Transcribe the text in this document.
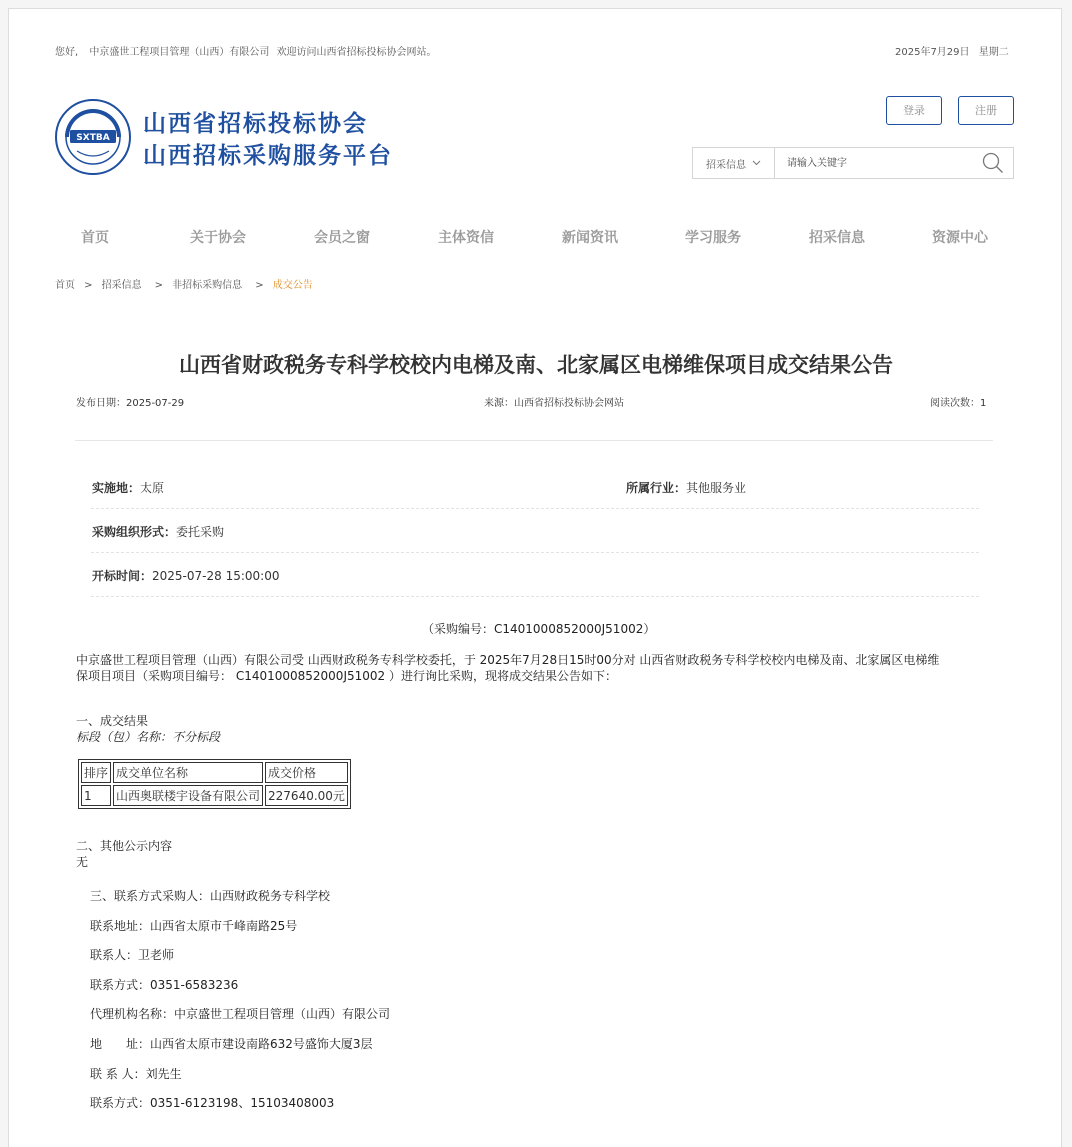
您好, 中京盛世工程项目管理（山西）有限公司 欢迎访问山西省招标投标协会网站。	2025年7月29日 星期二
SXTBA
山西省招标投标协会
山西招标采购服务平台
登录	注册
招采信息
请输入关键字
首页	关于协会	会员之窗	主体资信	新闻资讯	学习服务	招采信息	资源中心
首页 > 招采信息 > 非招标采购信息 > 成交公告
山西省财政税务专科学校校内电梯及南、北家属区电梯维保项目成交结果公告
发布日期：2025-07-29	来源：山西省招标投标协会网站	阅读次数：1
实施地：太原	所属行业：其他服务业
采购组织形式：委托采购
开标时间：2025-07-28 15:00:00
（采购编号：C1401000852000J51002）
中京盛世工程项目管理（山西）有限公司受 山西财政税务专科学校委托，于 2025年7月28日15时00分对 山西省财政税务专科学校校内电梯及南、北家属区电梯维
保项目项目（采购项目编号： C1401000852000J51002 ）进行询比采购，现将成交结果公告如下：
一、成交结果
标段（包）名称：不分标段
排序	成交单位名称	成交价格
1	山西奥联楼宇设备有限公司	227640.00元
二、其他公示内容
无
三、联系方式采购人：山西财政税务专科学校
联系地址：山西省太原市千峰南路25号
联系人：卫老师
联系方式：0351-6583236
代理机构名称：中京盛世工程项目管理（山西）有限公司
地　　址：山西省太原市建设南路632号盛饰大厦3层
联 系 人：刘先生
联系方式：0351-6123198、15103408003
